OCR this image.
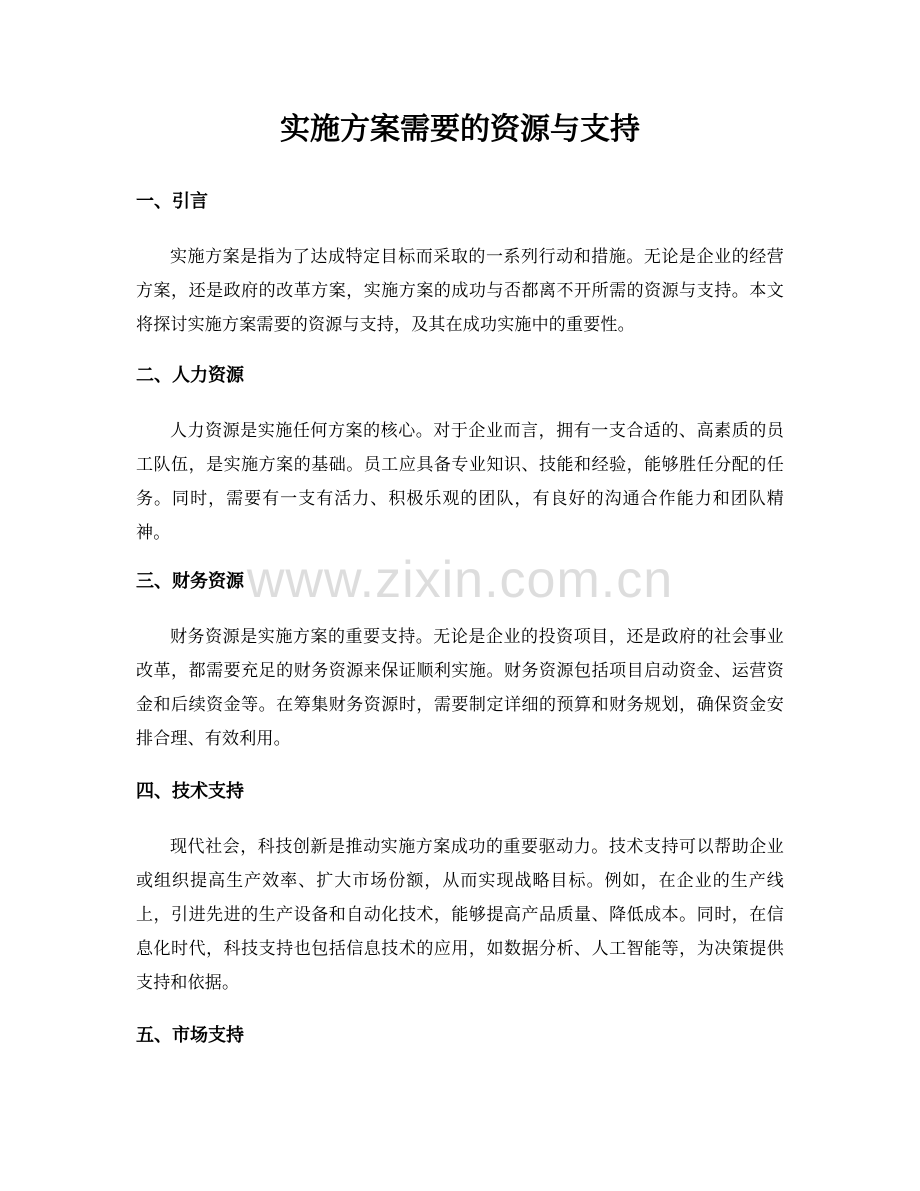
实施方案需要的资源与支持
一、引言

实施方案是指为了达成特定目标而采取的一系列行动和措施。无论是企业的经营方案，还是政府的改革方案，实施方案的成功与否都离不开所需的资源与支持。本文将探讨实施方案需要的资源与支持，及其在成功实施中的重要性。

二、人力资源

人力资源是实施任何方案的核心。对于企业而言，拥有一支合适的、高素质的员工队伍，是实施方案的基础。员工应具备专业知识、技能和经验，能够胜任分配的任务。同时，需要有一支有活力、积极乐观的团队，有良好的沟通合作能力和团队精神。

三、财务资源

财务资源是实施方案的重要支持。无论是企业的投资项目，还是政府的社会事业改革，都需要充足的财务资源来保证顺利实施。财务资源包括项目启动资金、运营资金和后续资金等。在筹集财务资源时，需要制定详细的预算和财务规划，确保资金安排合理、有效利用。

四、技术支持

现代社会，科技创新是推动实施方案成功的重要驱动力。技术支持可以帮助企业或组织提高生产效率、扩大市场份额，从而实现战略目标。例如，在企业的生产线上，引进先进的生产设备和自动化技术，能够提高产品质量、降低成本。同时，在信息化时代，科技支持也包括信息技术的应用，如数据分析、人工智能等，为决策提供支持和依据。

五、市场支持

www.zixin.com.cn
